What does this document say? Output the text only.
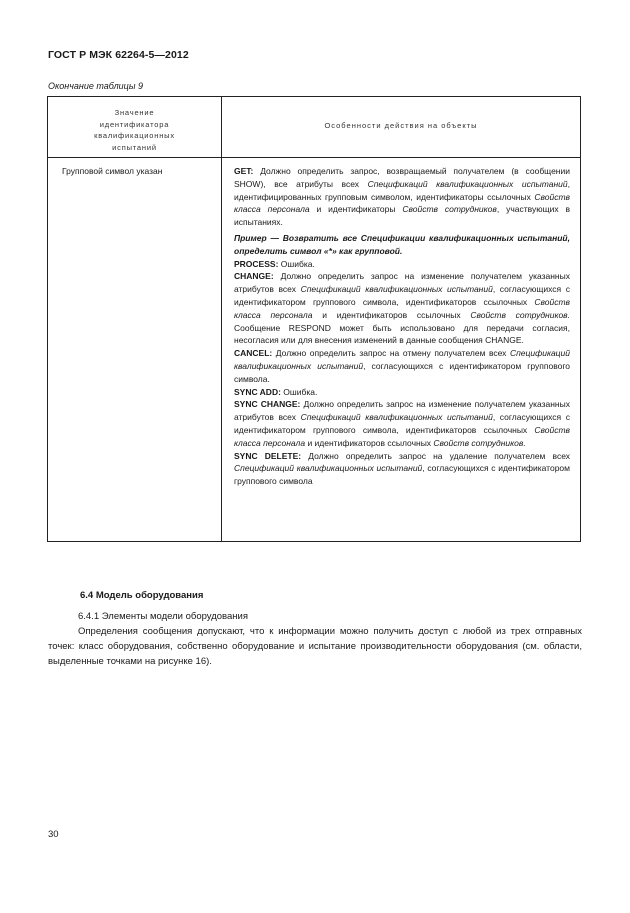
ГОСТ Р МЭК 62264-5—2012
Окончание таблицы 9
Значение
идентификатора
квалификационных
испытаний
Особенности действия на объекты
Групповой символ указан	GET: Должно определить запрос, возвращаемый получателем (в сообщении SHOW), все атрибуты всех Спецификаций квалификационных испытаний, идентифицированных групповым символом, идентификаторы ссылочных Свойств класса персонала и идентификаторы Свойств сотрудников, участвующих в испытаниях.

Пример — Возвратить все Спецификации квалификационных испытаний, определить символ «*» как групповой.

PROCESS: Ошибка.

CHANGE: Должно определить запрос на изменение получателем указанных атрибутов всех Спецификаций квалификационных испытаний, согласующихся с идентификатором группового символа, идентификаторов ссылочных Свойств класса персонала и идентификаторов ссылочных Свойств сотрудников. Сообщение RESPOND может быть использовано для передачи согласия, несогласия или для внесения изменений в данные сообщения CHANGE.

CANCEL: Должно определить запрос на отмену получателем всех Спецификаций квалификационных испытаний, согласующихся с идентификатором группового символа.

SYNC ADD: Ошибка.

SYNC CHANGE: Должно определить запрос на изменение получателем указанных атрибутов всех Спецификаций квалификационных испытаний, согласующихся с идентификатором группового символа, идентификаторов ссылочных Свойств класса персонала и идентификаторов ссылочных Свойств сотрудников.

SYNC DELETE: Должно определить запрос на удаление получателем всех Спецификаций квалификационных испытаний, согласующихся с идентификатором группового символа

6.4 Модель оборудования

6.4.1 Элементы модели оборудования

Определения сообщения допускают, что к информации можно получить доступ с любой из трех отправных точек: класс оборудования, собственно оборудование и испытание производительности оборудования (см. области, выделенные точками на рисунке 16).

30
